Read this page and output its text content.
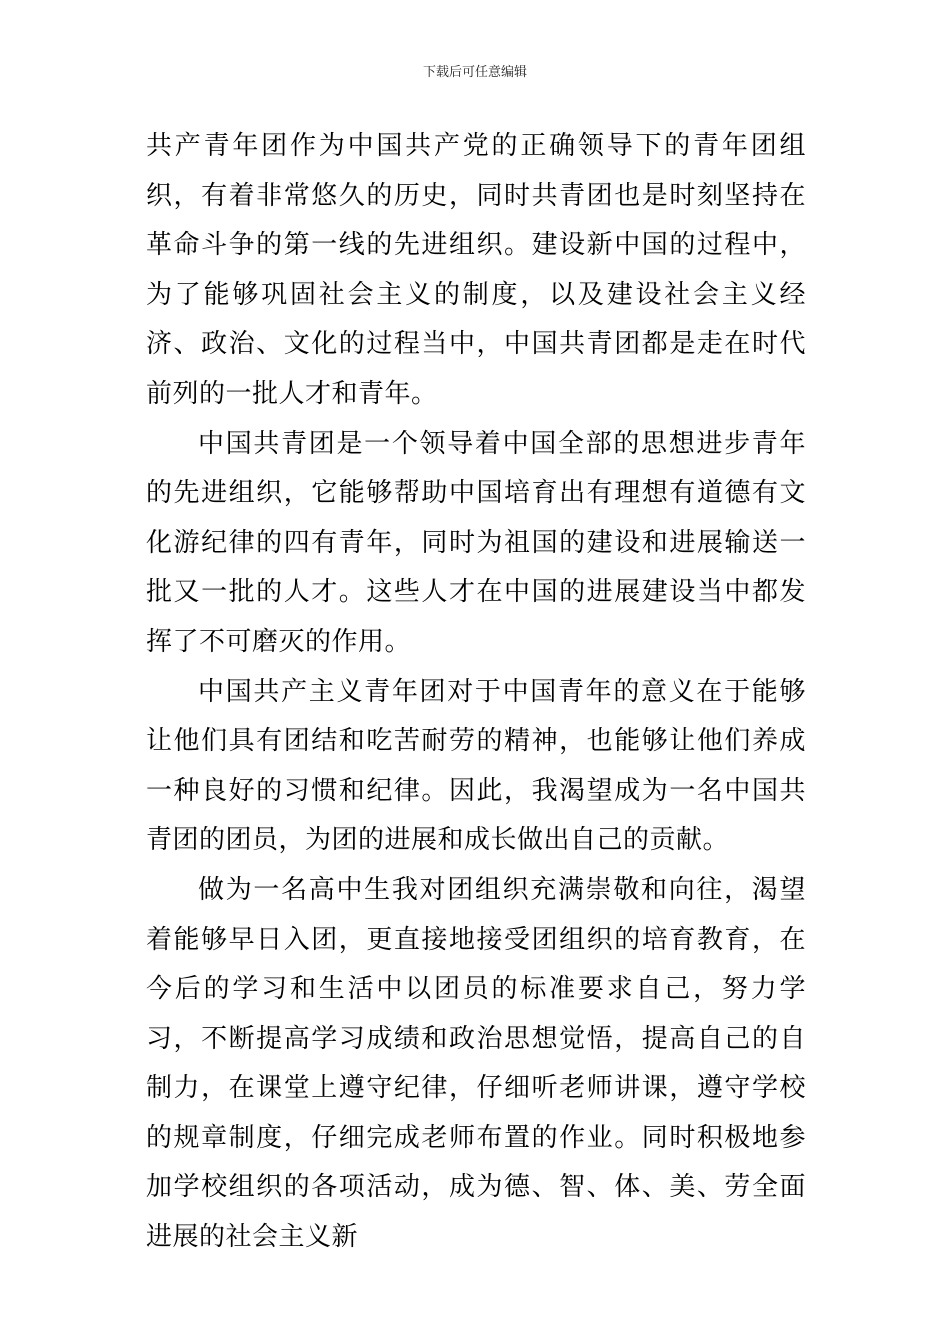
下载后可任意编辑

共产青年团作为中国共产党的正确领导下的青年团组织，有着非常悠久的历史，同时共青团也是时刻坚持在革命斗争的第一线的先进组织。建设新中国的过程中，为了能够巩固社会主义的制度，以及建设社会主义经济、政治、文化的过程当中，中国共青团都是走在时代前列的一批人才和青年。

中国共青团是一个领导着中国全部的思想进步青年的先进组织，它能够帮助中国培育出有理想有道德有文化游纪律的四有青年，同时为祖国的建设和进展输送一批又一批的人才。这些人才在中国的进展建设当中都发挥了不可磨灭的作用。

中国共产主义青年团对于中国青年的意义在于能够让他们具有团结和吃苦耐劳的精神，也能够让他们养成一种良好的习惯和纪律。因此，我渴望成为一名中国共青团的团员，为团的进展和成长做出自己的贡献。

做为一名高中生我对团组织充满崇敬和向往，渴望着能够早日入团，更直接地接受团组织的培育教育，在今后的学习和生活中以团员的标准要求自己，努力学习，不断提高学习成绩和政治思想觉悟，提高自己的自制力，在课堂上遵守纪律，仔细听老师讲课，遵守学校的规章制度，仔细完成老师布置的作业。同时积极地参加学校组织的各项活动，成为德、智、体、美、劳全面进展的社会主义新
